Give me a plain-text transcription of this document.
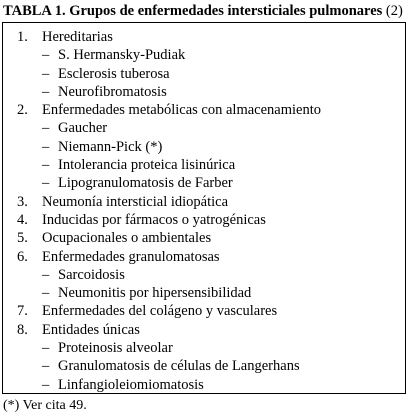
TABLA 1. Grupos de enfermedades intersticiales pulmonares (2)
1. Hereditarias
– S. Hermansky-Pudiak
– Esclerosis tuberosa
– Neurofibromatosis
2. Enfermedades metabólicas con almacenamiento
– Gaucher
– Niemann-Pick (*)
– Intolerancia proteica lisinúrica
– Lipogranulomatosis de Farber
3. Neumonía intersticial idiopática
4. Inducidas por fármacos o yatrogénicas
5. Ocupacionales o ambientales
6. Enfermedades granulomatosas
– Sarcoidosis
– Neumonitis por hipersensibilidad
7. Enfermedades del colágeno y vasculares
8. Entidades únicas
– Proteinosis alveolar
– Granulomatosis de células de Langerhans
– Linfangioleiomiomatosis
(*) Ver cita 49.
